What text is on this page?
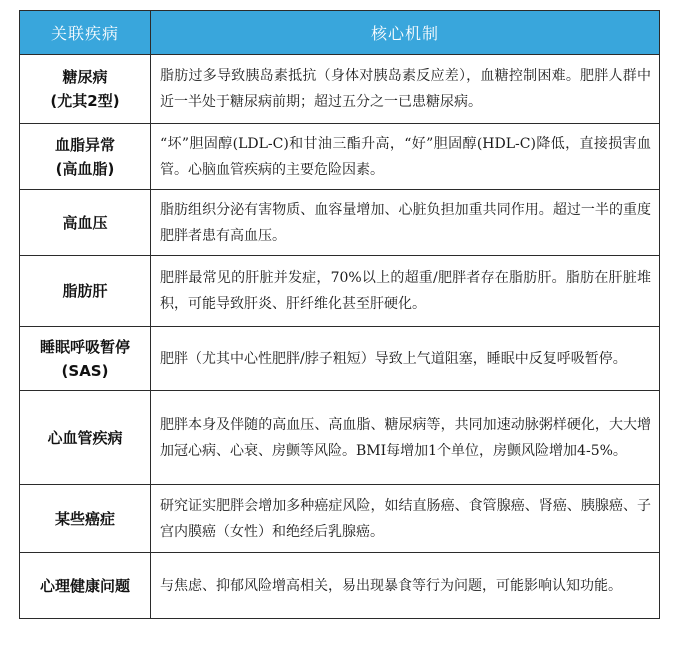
关联疾病	核心机制

糖尿病
(尤其2型)	脂肪过多导致胰岛素抵抗（身体对胰岛素反应差），血糖控制困难。肥胖人群中近一半处于糖尿病前期；超过五分之一已患糖尿病。

血脂异常
(高血脂)	“坏”胆固醇(LDL-C)和甘油三酯升高，“好”胆固醇(HDL-C)降低，直接损害血管。心脑血管疾病的主要危险因素。

高血压	脂肪组织分泌有害物质、血容量增加、心脏负担加重共同作用。超过一半的重度肥胖者患有高血压。

脂肪肝	肥胖最常见的肝脏并发症，70%以上的超重/肥胖者存在脂肪肝。脂肪在肝脏堆积，可能导致肝炎、肝纤维化甚至肝硬化。

睡眠呼吸暂停
(SAS)	肥胖（尤其中心性肥胖/脖子粗短）导致上气道阻塞，睡眠中反复呼吸暂停。

心血管疾病	肥胖本身及伴随的高血压、高血脂、糖尿病等，共同加速动脉粥样硬化，大大增加冠心病、心衰、房颤等风险。BMI每增加1个单位，房颤风险增加4-5%。

某些癌症	研究证实肥胖会增加多种癌症风险，如结直肠癌、食管腺癌、肾癌、胰腺癌、子宫内膜癌（女性）和绝经后乳腺癌。

心理健康问题	与焦虑、抑郁风险增高相关，易出现暴食等行为问题，可能影响认知功能。
